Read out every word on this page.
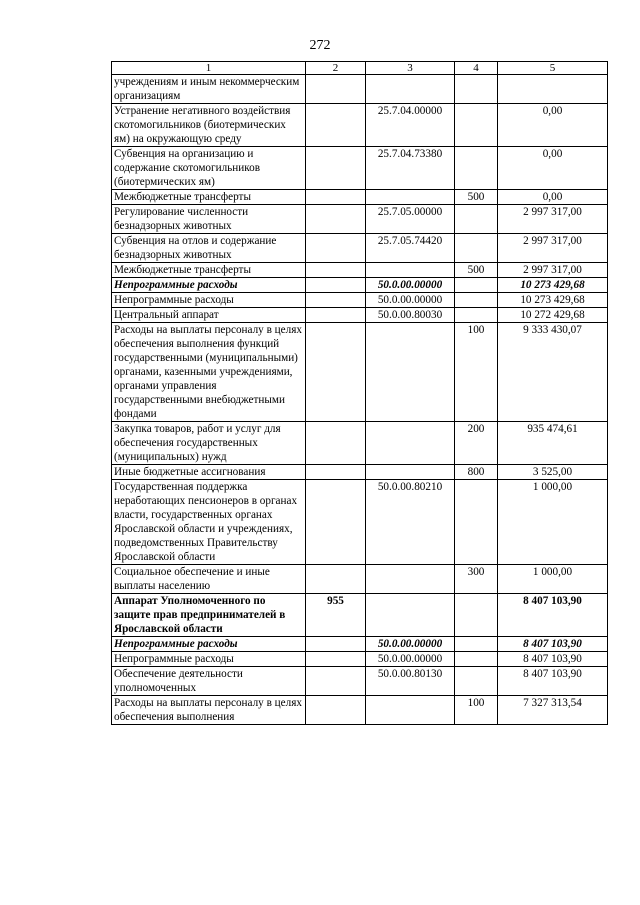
272
1	2	3	4	5
учреждениям и иным некоммерческим организациям				
Устранение негативного воздействия скотомогильников (биотермических ям) на окружающую среду		25.7.04.00000		0,00
Субвенция на организацию и содержание скотомогильников (биотермических ям)		25.7.04.73380		0,00
Межбюджетные трансферты			500	0,00
Регулирование численности безнадзорных животных		25.7.05.00000		2 997 317,00
Субвенция на отлов и содержание безнадзорных животных		25.7.05.74420		2 997 317,00
Межбюджетные трансферты			500	2 997 317,00
Непрограммные расходы		50.0.00.00000		10 273 429,68
Непрограммные расходы		50.0.00.00000		10 273 429,68
Центральный аппарат		50.0.00.80030		10 272 429,68
Расходы на выплаты персоналу в целях обеспечения выполнения функций государственными (муниципальными) органами, казенными учреждениями, органами управления государственными внебюджетными фондами			100	9 333 430,07
Закупка товаров, работ и услуг для обеспечения государственных (муниципальных) нужд			200	935 474,61
Иные бюджетные ассигнования			800	3 525,00
Государственная поддержка неработающих пенсионеров в органах власти, государственных органах Ярославской области и учреждениях, подведомственных Правительству Ярославской области		50.0.00.80210		1 000,00
Социальное обеспечение и иные выплаты населению			300	1 000,00
Аппарат Уполномоченного по защите прав предпринимателей в Ярославской области	955			8 407 103,90
Непрограммные расходы		50.0.00.00000		8 407 103,90
Непрограммные расходы		50.0.00.00000		8 407 103,90
Обеспечение деятельности уполномоченных		50.0.00.80130		8 407 103,90
Расходы на выплаты персоналу в целях обеспечения выполнения			100	7 327 313,54
